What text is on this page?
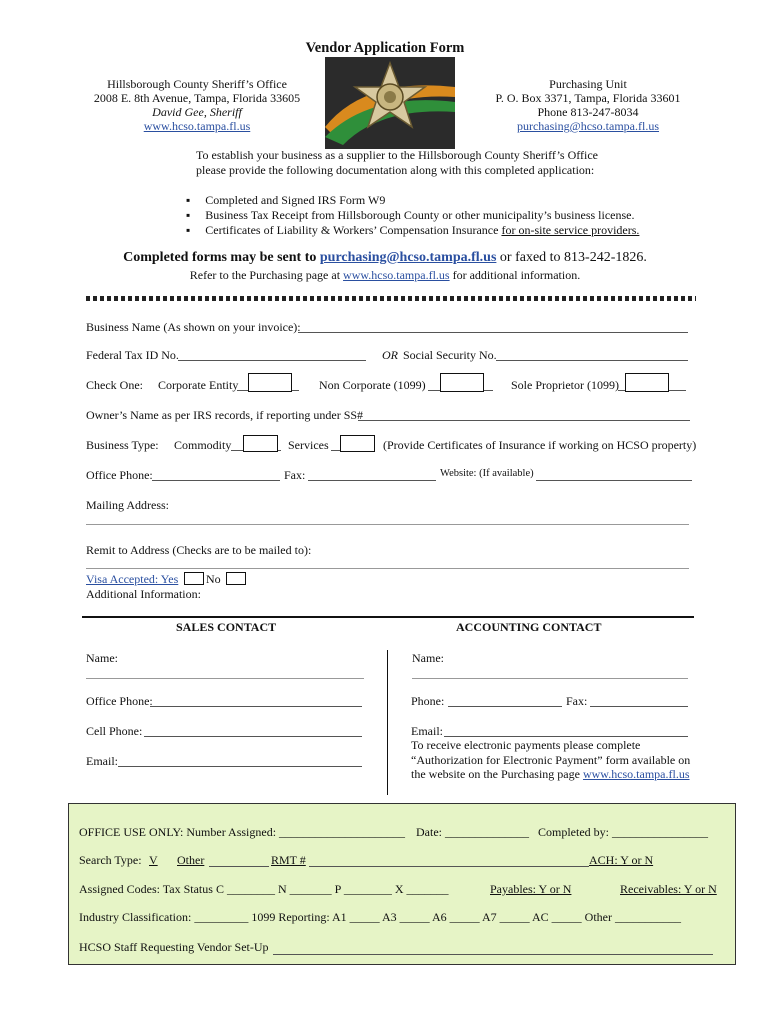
Vendor Application Form
Hillsborough County Sheriff’s Office
2008 E. 8th Avenue, Tampa, Florida 33605
David Gee, Sheriff
www.hcso.tampa.fl.us
Purchasing Unit
P. O. Box 3371, Tampa, Florida 33601
Phone 813-247-8034
purchasing@hcso.tampa.fl.us
To establish your business as a supplier to the Hillsborough County Sheriff’s Office
please provide the following documentation along with this completed application:
▪ Completed and Signed IRS Form W9
▪ Business Tax Receipt from Hillsborough County or other municipality’s business license.
▪ Certificates of Liability & Workers’ Compensation Insurance for on-site service providers.
Completed forms may be sent to purchasing@hcso.tampa.fl.us or faxed to 813-242-1826.
Refer to the Purchasing page at www.hcso.tampa.fl.us for additional information.
Business Name (As shown on your invoice):
Federal Tax ID No.	OR Social Security No.
Check One: Corporate Entity	Non Corporate (1099)	Sole Proprietor (1099)
Owner’s Name as per IRS records, if reporting under SS#
Business Type: Commodity	Services	(Provide Certificates of Insurance if working on HCSO property)
Office Phone:	Fax:	Website: (If available)
Mailing Address:
Remit to Address (Checks are to be mailed to):
Visa Accepted: Yes No
Additional Information:
SALES CONTACT	ACCOUNTING CONTACT
Name:
Office Phone:
Cell Phone:
Email:
Name:
Phone:	Fax:
Email:
To receive electronic payments please complete
“Authorization for Electronic Payment” form available on
the website on the Purchasing page www.hcso.tampa.fl.us
OFFICE USE ONLY: Number Assigned: _____________________ Date: ______________ Completed by: ________________
Search Type: V Other	RMT #	ACH: Y or N
Assigned Codes: Tax Status C ________ N _______ P ________ X _______	Payables: Y or N	Receivables: Y or N
Industry Classification: _________ 1099 Reporting: A1 _____ A3 _____ A6 _____ A7 _____ AC _____ Other ___________
HCSO Staff Requesting Vendor Set-Up
